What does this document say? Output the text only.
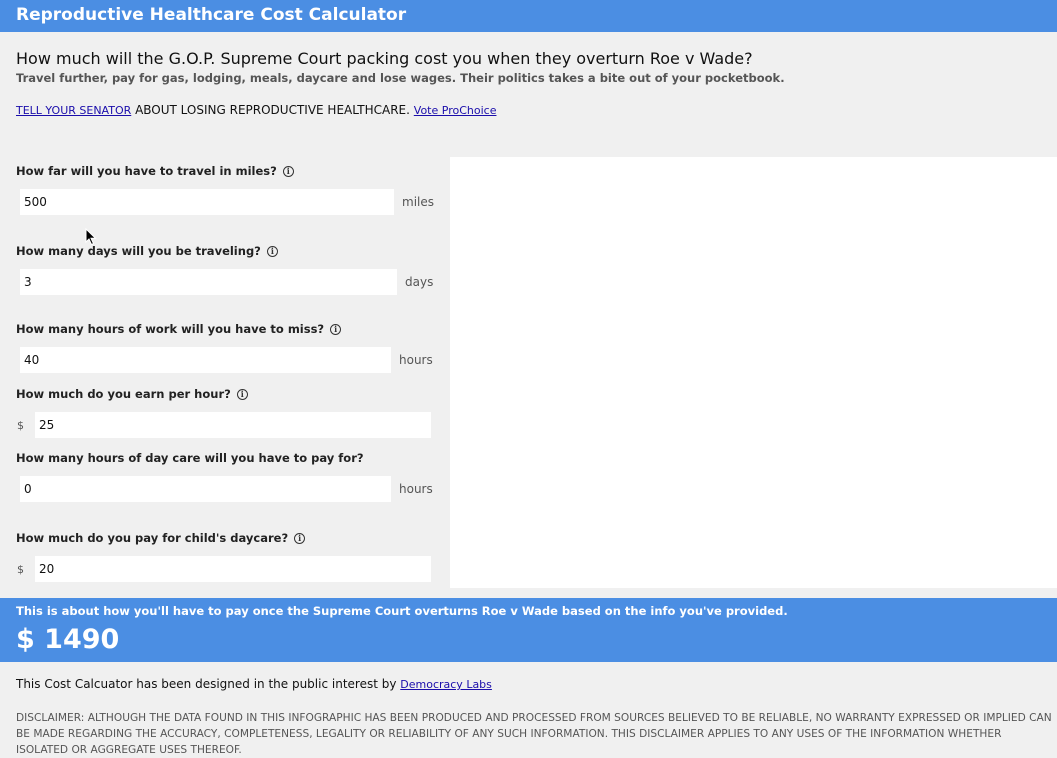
Reproductive Healthcare Cost Calculator
How much will the G.O.P. Supreme Court packing cost you when they overturn Roe v Wade?
Travel further, pay for gas, lodging, meals, daycare and lose wages. Their politics takes a bite out of your pocketbook.
TELL YOUR SENATOR ABOUT LOSING REPRODUCTIVE HEALTHCARE. Vote ProChoice
How far will you have to travel in miles?	i
500
miles
How many days will you be traveling?	i
3
days
How many hours of work will you have to miss?	i
40
hours
How much do you earn per hour?	i
$
25
How many hours of day care will you have to pay for?
0
hours
How much do you pay for child's daycare?	i
$
20
This is about how you'll have to pay once the Supreme Court overturns Roe v Wade based on the info you've provided.
$ 1490
This Cost Calcuator has been designed in the public interest by Democracy Labs
DISCLAIMER: ALTHOUGH THE DATA FOUND IN THIS INFOGRAPHIC HAS BEEN PRODUCED AND PROCESSED FROM SOURCES BELIEVED TO BE RELIABLE, NO WARRANTY EXPRESSED OR IMPLIED CAN BE MADE REGARDING THE ACCURACY, COMPLETENESS, LEGALITY OR RELIABILITY OF ANY SUCH INFORMATION. THIS DISCLAIMER APPLIES TO ANY USES OF THE INFORMATION WHETHER ISOLATED OR AGGREGATE USES THEREOF.
